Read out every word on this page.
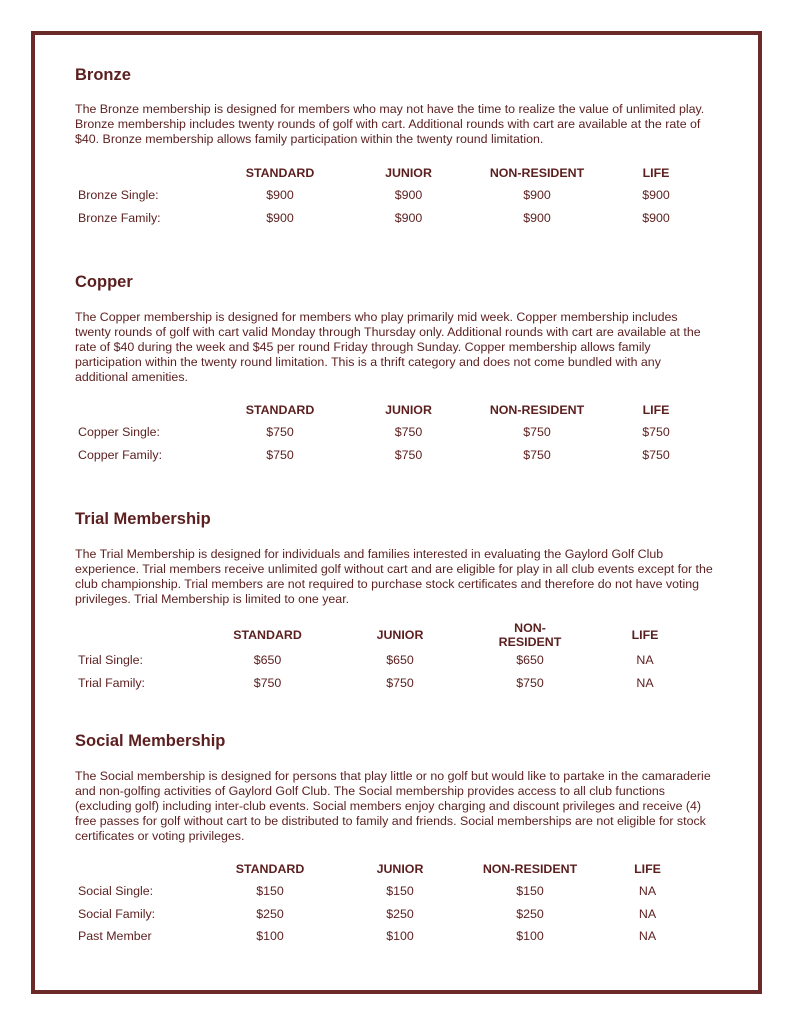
Bronze

The Bronze membership is designed for members who may not have the time to realize the value of unlimited play. Bronze membership includes twenty rounds of golf with cart. Additional rounds with cart are available at the rate of $40. Bronze membership allows family participation within the twenty round limitation.

	STANDARD	JUNIOR	NON-RESIDENT	LIFE
Bronze Single:	$900	$900	$900	$900
Bronze Family:	$900	$900	$900	$900
Copper

The Copper membership is designed for members who play primarily mid week. Copper membership includes twenty rounds of golf with cart valid Monday through Thursday only. Additional rounds with cart are available at the rate of $40 during the week and $45 per round Friday through Sunday. Copper membership allows family participation within the twenty round limitation. This is a thrift category and does not come bundled with any additional amenities.

	STANDARD	JUNIOR	NON-RESIDENT	LIFE
Copper Single:	$750	$750	$750	$750
Copper Family:	$750	$750	$750	$750
Trial Membership

The Trial Membership is designed for individuals and families interested in evaluating the Gaylord Golf Club experience. Trial members receive unlimited golf without cart and are eligible for play in all club events except for the club championship. Trial members are not required to purchase stock certificates and therefore do not have voting privileges. Trial Membership is limited to one year.

	STANDARD	JUNIOR	NON-RESIDENT	LIFE
Trial Single:	$650	$650	$650	NA
Trial Family:	$750	$750	$750	NA
Social Membership

The Social membership is designed for persons that play little or no golf but would like to partake in the camaraderie and non-golfing activities of Gaylord Golf Club. The Social membership provides access to all club functions (excluding golf) including inter-club events. Social members enjoy charging and discount privileges and receive (4) free passes for golf without cart to be distributed to family and friends. Social memberships are not eligible for stock certificates or voting privileges.

	STANDARD	JUNIOR	NON-RESIDENT	LIFE
Social Single:	$150	$150	$150	NA
Social Family:	$250	$250	$250	NA
Past Member	$100	$100	$100	NA
